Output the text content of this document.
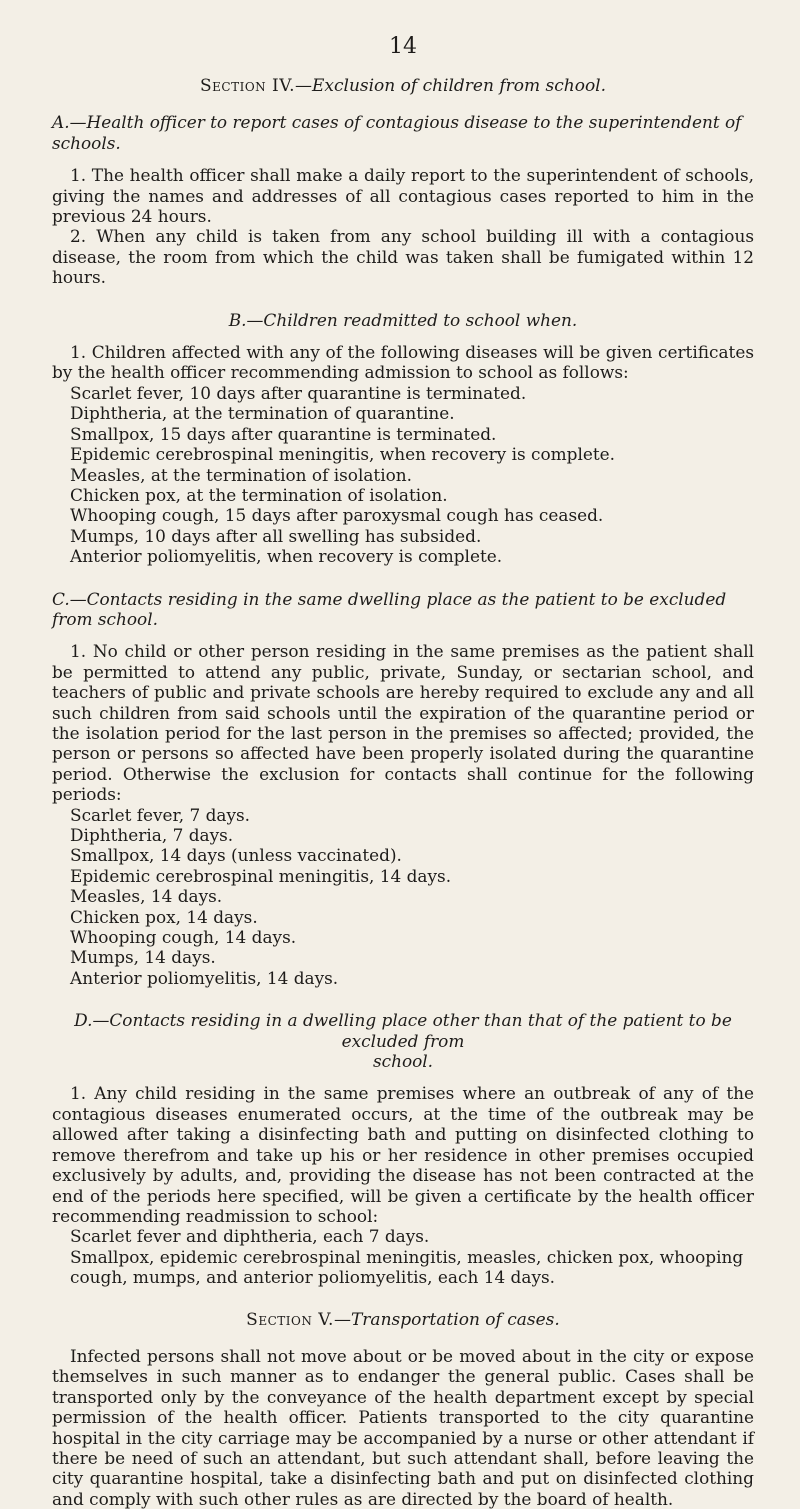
14
Section IV.—Exclusion of children from school.
A.—Health officer to report cases of contagious disease to the superintendent of schools.

1. The health officer shall make a daily report to the superintendent of schools, giving the names and addresses of all contagious cases reported to him in the previous 24 hours.

2. When any child is taken from any school building ill with a contagious disease, the room from which the child was taken shall be fumigated within 12 hours.

B.—Children readmitted to school when.

1. Children affected with any of the following diseases will be given certificates by the health officer recommending admission to school as follows:

Scarlet fever, 10 days after quarantine is terminated.
Diphtheria, at the termination of quarantine.
Smallpox, 15 days after quarantine is terminated.
Epidemic cerebrospinal meningitis, when recovery is complete.
Measles, at the termination of isolation.
Chicken pox, at the termination of isolation.
Whooping cough, 15 days after paroxysmal cough has ceased.
Mumps, 10 days after all swelling has subsided.
Anterior poliomyelitis, when recovery is complete.
C.—Contacts residing in the same dwelling place as the patient to be excluded from school.

1. No child or other person residing in the same premises as the patient shall be permitted to attend any public, private, Sunday, or sectarian school, and teachers of public and private schools are hereby required to exclude any and all such children from said schools until the expiration of the quarantine period or the isolation period for the last person in the premises so affected; provided, the person or persons so affected have been properly isolated during the quarantine period. Otherwise the exclusion for contacts shall continue for the following periods:

Scarlet fever, 7 days.
Diphtheria, 7 days.
Smallpox, 14 days (unless vaccinated).
Epidemic cerebrospinal meningitis, 14 days.
Measles, 14 days.
Chicken pox, 14 days.
Whooping cough, 14 days.
Mumps, 14 days.
Anterior poliomyelitis, 14 days.
D.—Contacts residing in a dwelling place other than that of the patient to be excluded from
school.

1. Any child residing in the same premises where an outbreak of any of the contagious diseases enumerated occurs, at the time of the outbreak may be allowed after taking a disinfecting bath and putting on disinfected clothing to remove therefrom and take up his or her residence in other premises occupied exclusively by adults, and, providing the disease has not been contracted at the end of the periods here specified, will be given a certificate by the health officer recommending readmission to school:

Scarlet fever and diphtheria, each 7 days.
Smallpox, epidemic cerebrospinal meningitis, measles, chicken pox, whooping cough, mumps, and anterior poliomyelitis, each 14 days.
Section V.—Transportation of cases.

Infected persons shall not move about or be moved about in the city or expose themselves in such manner as to endanger the general public. Cases shall be transported only by the conveyance of the health department except by special permission of the health officer. Patients transported to the city quarantine hospital in the city carriage may be accompanied by a nurse or other attendant if there be need of such an attendant, but such attendant shall, before leaving the city quarantine hospital, take a disinfecting bath and put on disinfected clothing and comply with such other rules as are directed by the board of health.
